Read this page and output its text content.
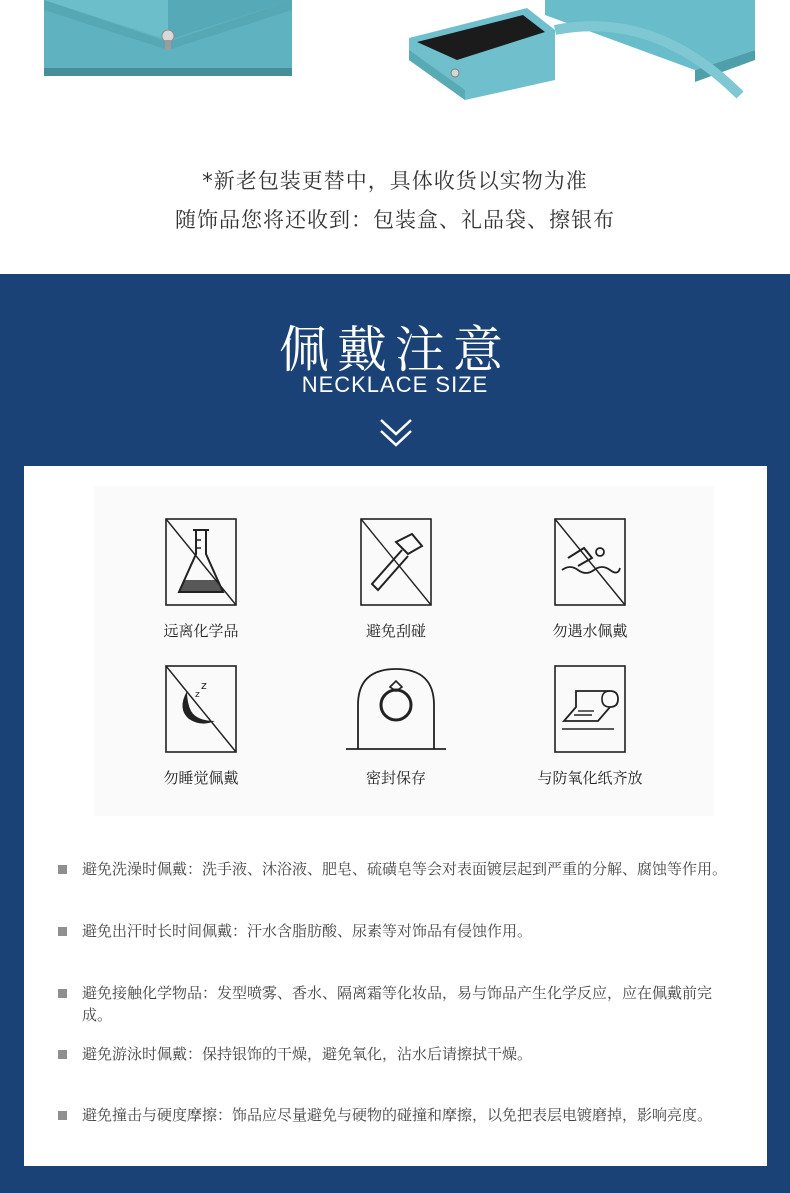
*新老包装更替中，具体收货以实物为准
随饰品您将还收到：包装盒、礼品袋、擦银布
佩戴注意
NECKLACE SIZE
远离化学品	避免刮碰	勿遇水佩戴
z
z
勿睡觉佩戴	密封保存	与防氧化纸齐放
避免洗澡时佩戴：洗手液、沐浴液、肥皂、硫磺皂等会对表面镀层起到严重的分解、腐蚀等作用。
避免出汗时长时间佩戴：汗水含脂肪酸、尿素等对饰品有侵蚀作用。
避免接触化学物品：发型喷雾、香水、隔离霜等化妆品，易与饰品产生化学反应，应在佩戴前完成。
避免游泳时佩戴：保持银饰的干燥，避免氧化，沾水后请擦拭干燥。
避免撞击与硬度摩擦：饰品应尽量避免与硬物的碰撞和摩擦，以免把表层电镀磨掉，影响亮度。
